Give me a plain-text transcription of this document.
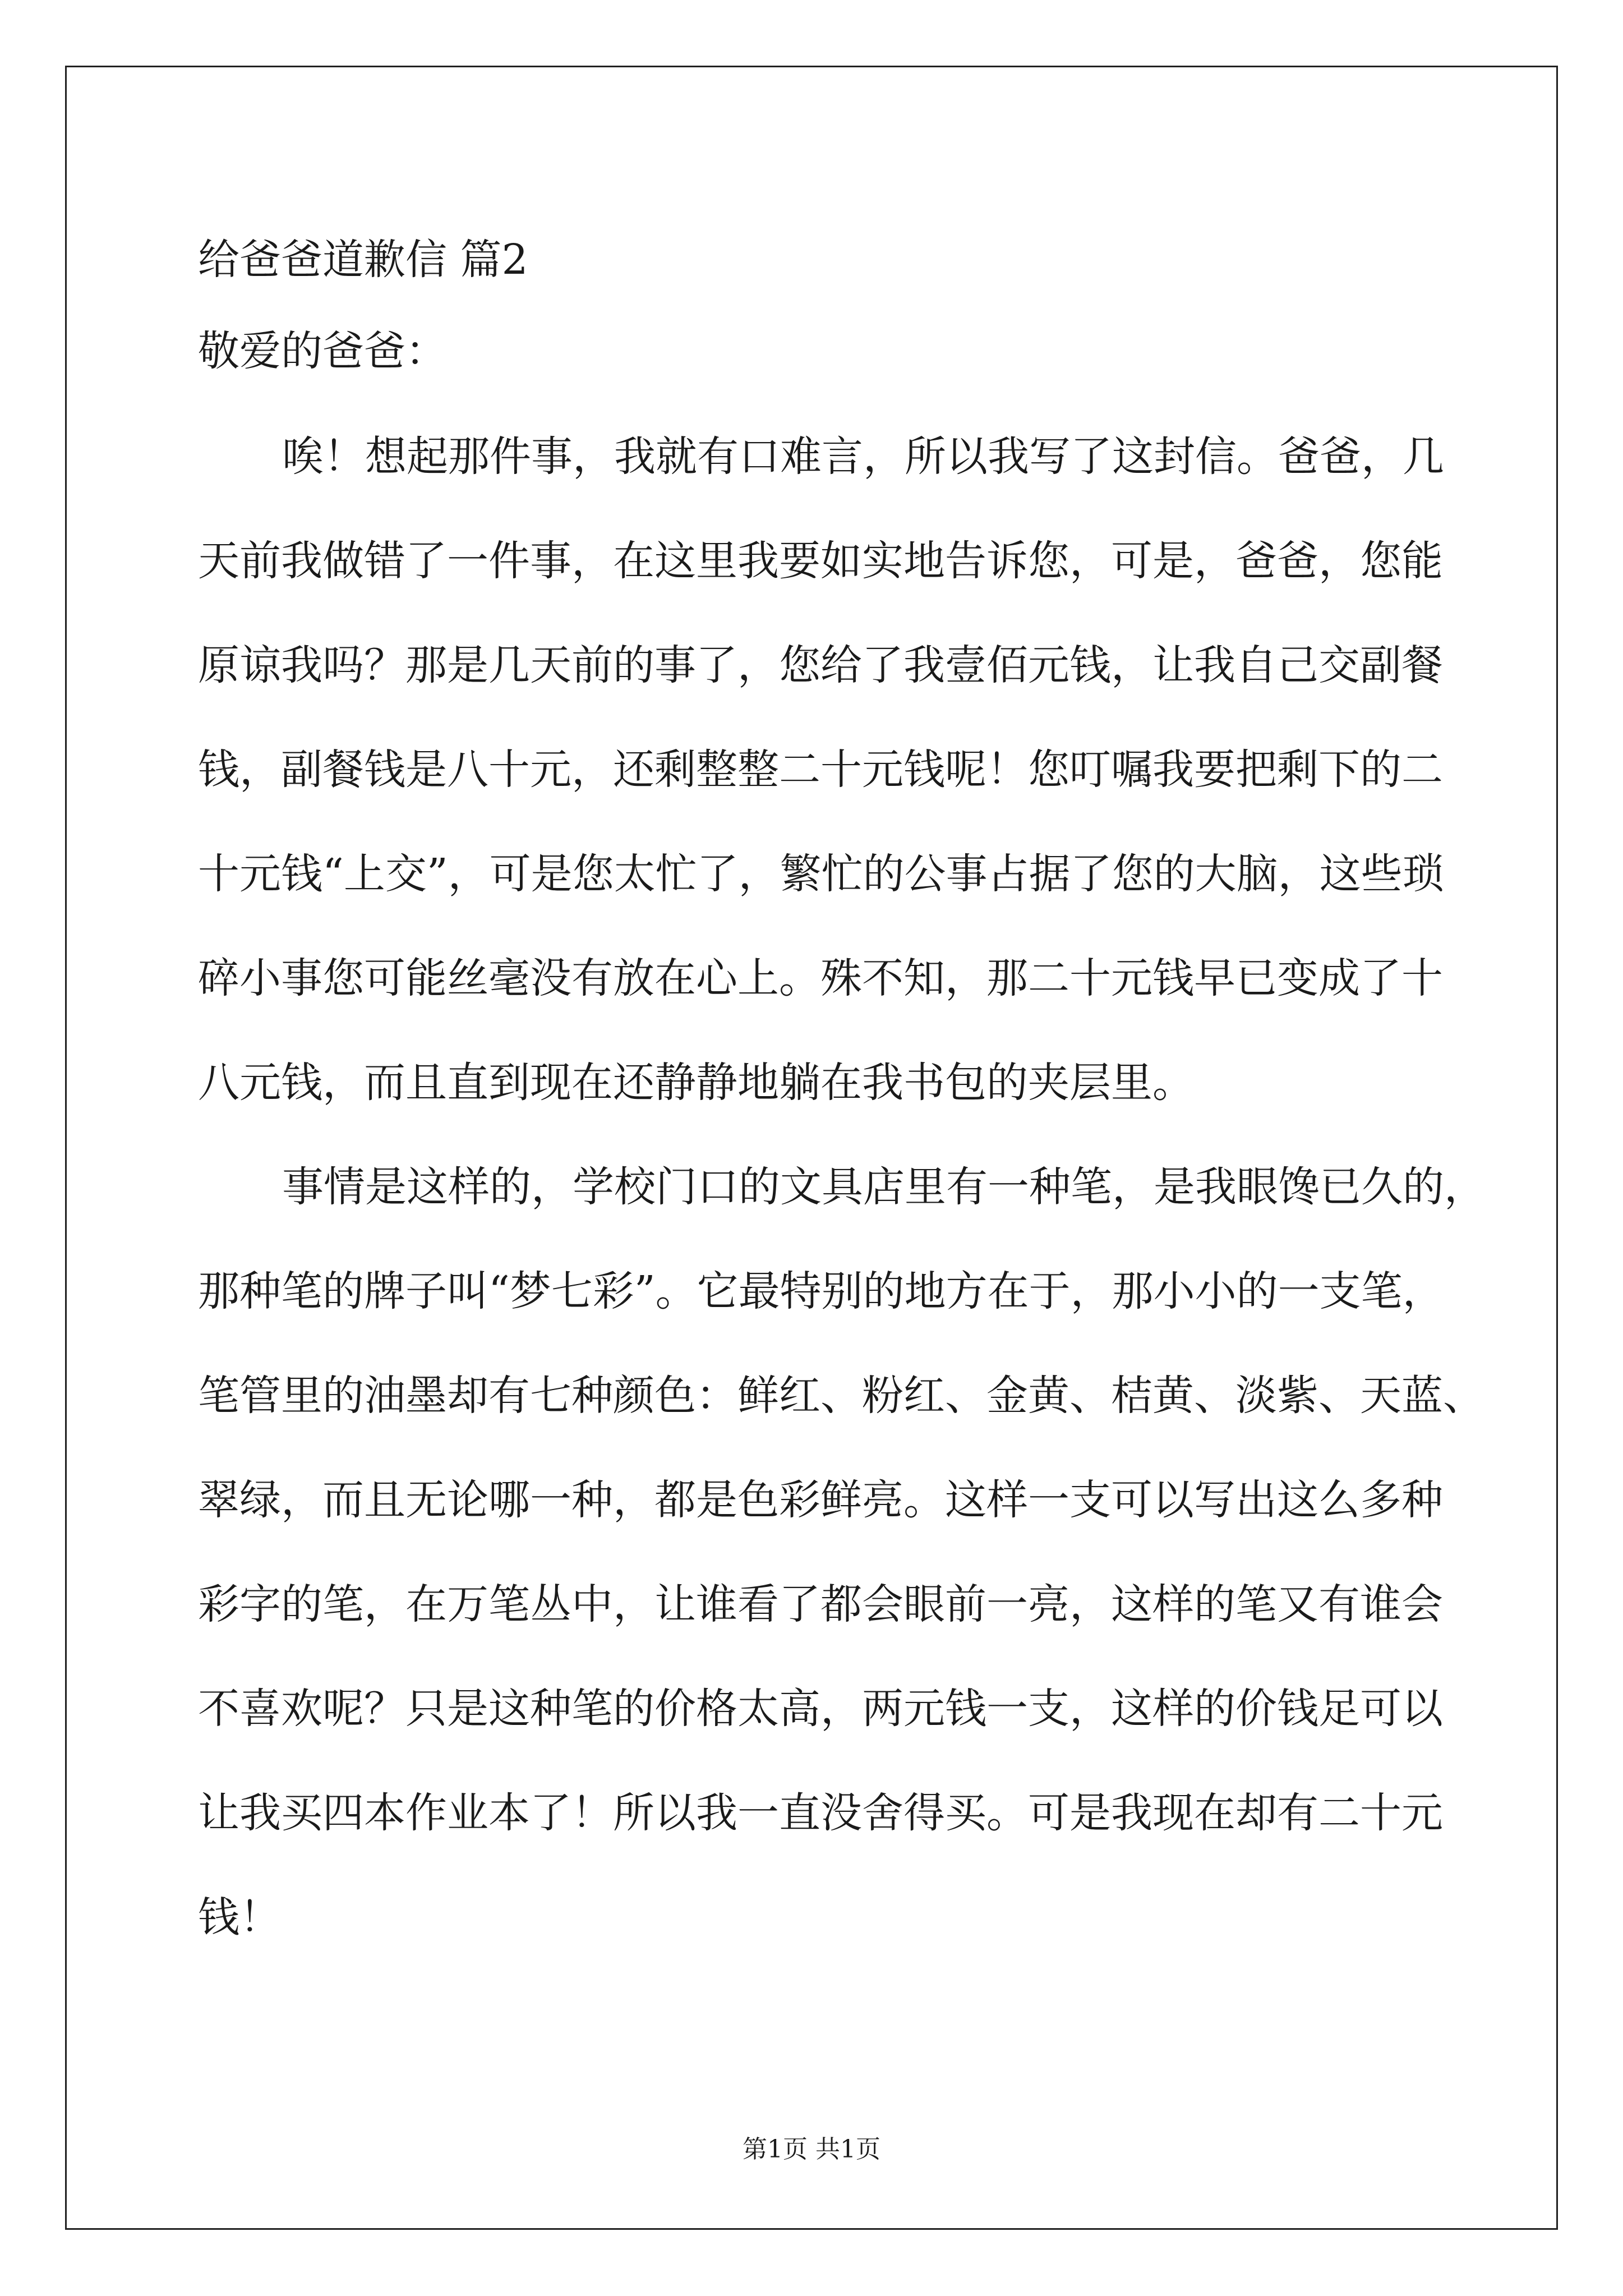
给爸爸道歉信 篇2
敬爱的爸爸：
唉！想起那件事，我就有口难言，所以我写了这封信。爸爸，几
天前我做错了一件事，在这里我要如实地告诉您，可是，爸爸，您能
原谅我吗？那是几天前的事了，您给了我壹佰元钱，让我自己交副餐
钱，副餐钱是八十元，还剩整整二十元钱呢！您叮嘱我要把剩下的二
十元钱“上交”，可是您太忙了，繁忙的公事占据了您的大脑，这些琐
碎小事您可能丝毫没有放在心上。殊不知，那二十元钱早已变成了十
八元钱，而且直到现在还静静地躺在我书包的夹层里。
事情是这样的，学校门口的文具店里有一种笔，是我眼馋已久的，
那种笔的牌子叫“梦七彩”。它最特别的地方在于，那小小的一支笔，
笔管里的油墨却有七种颜色：鲜红、粉红、金黄、桔黄、淡紫、天蓝、
翠绿，而且无论哪一种，都是色彩鲜亮。这样一支可以写出这么多种
彩字的笔，在万笔丛中，让谁看了都会眼前一亮，这样的笔又有谁会
不喜欢呢？只是这种笔的价格太高，两元钱一支，这样的价钱足可以
让我买四本作业本了！所以我一直没舍得买。可是我现在却有二十元
钱！
第1页 共1页
